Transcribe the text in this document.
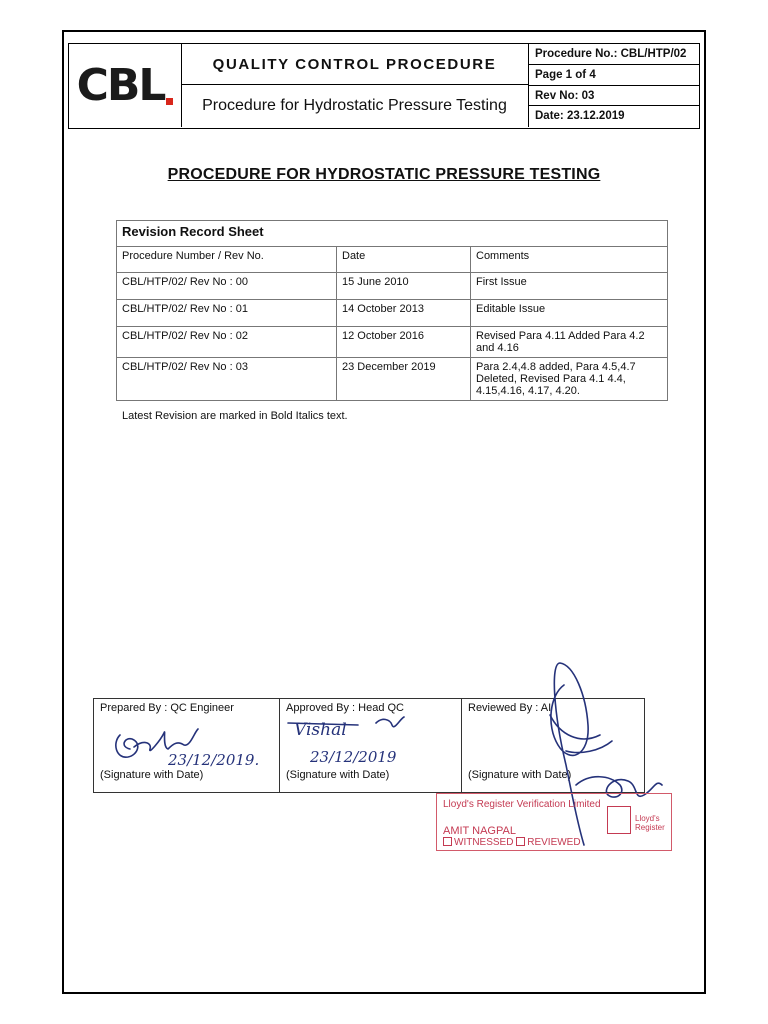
CBL	QUALITY CONTROL PROCEDURE
Procedure for Hydrostatic Pressure Testing
Procedure No.: CBL/HTP/02
Page 1 of 4
Rev No: 03
Date: 23.12.2019
PROCEDURE FOR HYDROSTATIC PRESSURE TESTING
Revision Record Sheet		
Procedure Number / Rev No.	Date	Comments
CBL/HTP/02/ Rev No : 00	15 June 2010	First Issue
CBL/HTP/02/ Rev No : 01	14 October 2013	Editable Issue
CBL/HTP/02/ Rev No : 02	12 October 2016	Revised Para 4.11 Added Para 4.2 and 4.16
CBL/HTP/02/ Rev No : 03	23 December 2019	Para 2.4,4.8 added, Para 4.5,4.7 Deleted, Revised Para 4.1 4.4, 4.15,4.16, 4.17, 4.20.
Latest Revision are marked in Bold Italics text.
Prepared By : QC Engineer
23/12/2019.
(Signature with Date)
Approved By : Head QC
Vishal
23/12/2019
(Signature with Date)
Reviewed By : AI
(Signature with Date)
Lloyd's Register Verification Limited
AMIT NAGPAL
WITNESSED REVIEWED
Lloyd's Register
